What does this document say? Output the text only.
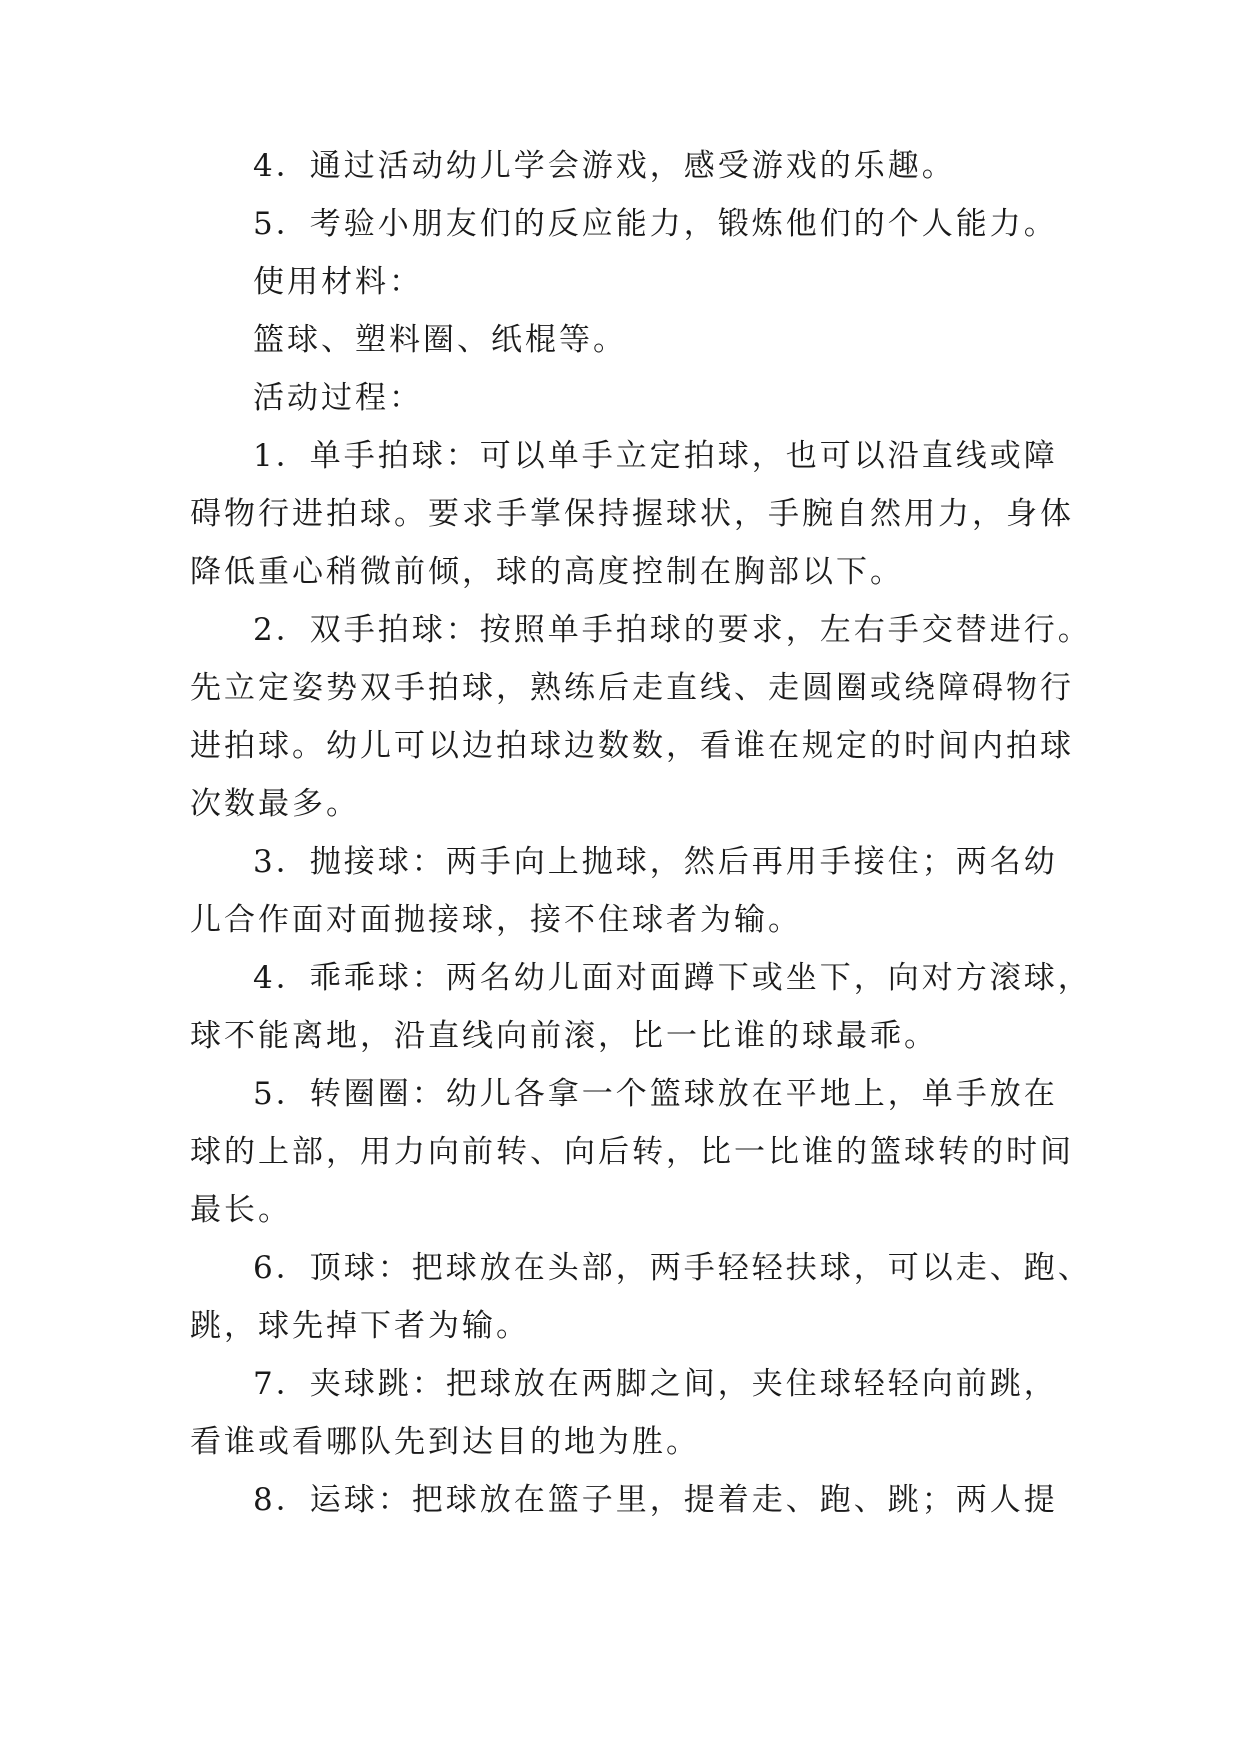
4．通过活动幼儿学会游戏，感受游戏的乐趣。
5．考验小朋友们的反应能力，锻炼他们的个人能力。
使用材料：
篮球、塑料圈、纸棍等。
活动过程：
1．单手拍球：可以单手立定拍球，也可以沿直线或障
碍物行进拍球。要求手掌保持握球状，手腕自然用力，身体
降低重心稍微前倾，球的高度控制在胸部以下。
2．双手拍球：按照单手拍球的要求，左右手交替进行。
先立定姿势双手拍球，熟练后走直线、走圆圈或绕障碍物行
进拍球。幼儿可以边拍球边数数，看谁在规定的时间内拍球
次数最多。
3．抛接球：两手向上抛球，然后再用手接住；两名幼
儿合作面对面抛接球，接不住球者为输。
4．乖乖球：两名幼儿面对面蹲下或坐下，向对方滚球，
球不能离地，沿直线向前滚，比一比谁的球最乖。
5．转圈圈：幼儿各拿一个篮球放在平地上，单手放在
球的上部，用力向前转、向后转，比一比谁的篮球转的时间
最长。
6．顶球：把球放在头部，两手轻轻扶球，可以走、跑、
跳，球先掉下者为输。
7．夹球跳：把球放在两脚之间，夹住球轻轻向前跳，
看谁或看哪队先到达目的地为胜。
8．运球：把球放在篮子里，提着走、跑、跳；两人提
